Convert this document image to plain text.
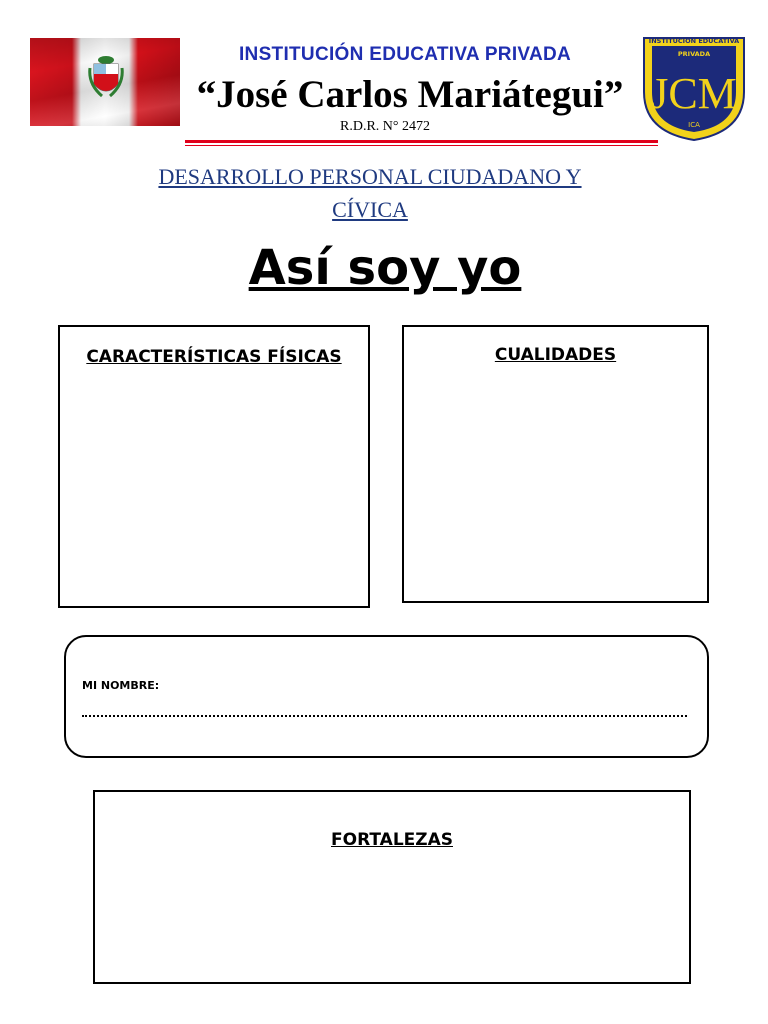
INSTITUCIÓN EDUCATIVA PRIVADA
“José Carlos Mariátegui”
R.D.R. N° 2472
INSTITUCIÓN EDUCATIVA
PRIVADA
JCM
ICA
DESARROLLO PERSONAL CIUDADANO Y
CÍVICA
Así soy yo
CARACTERÍSTICAS FÍSICAS	CUALIDADES
MI NOMBRE:
FORTALEZAS
